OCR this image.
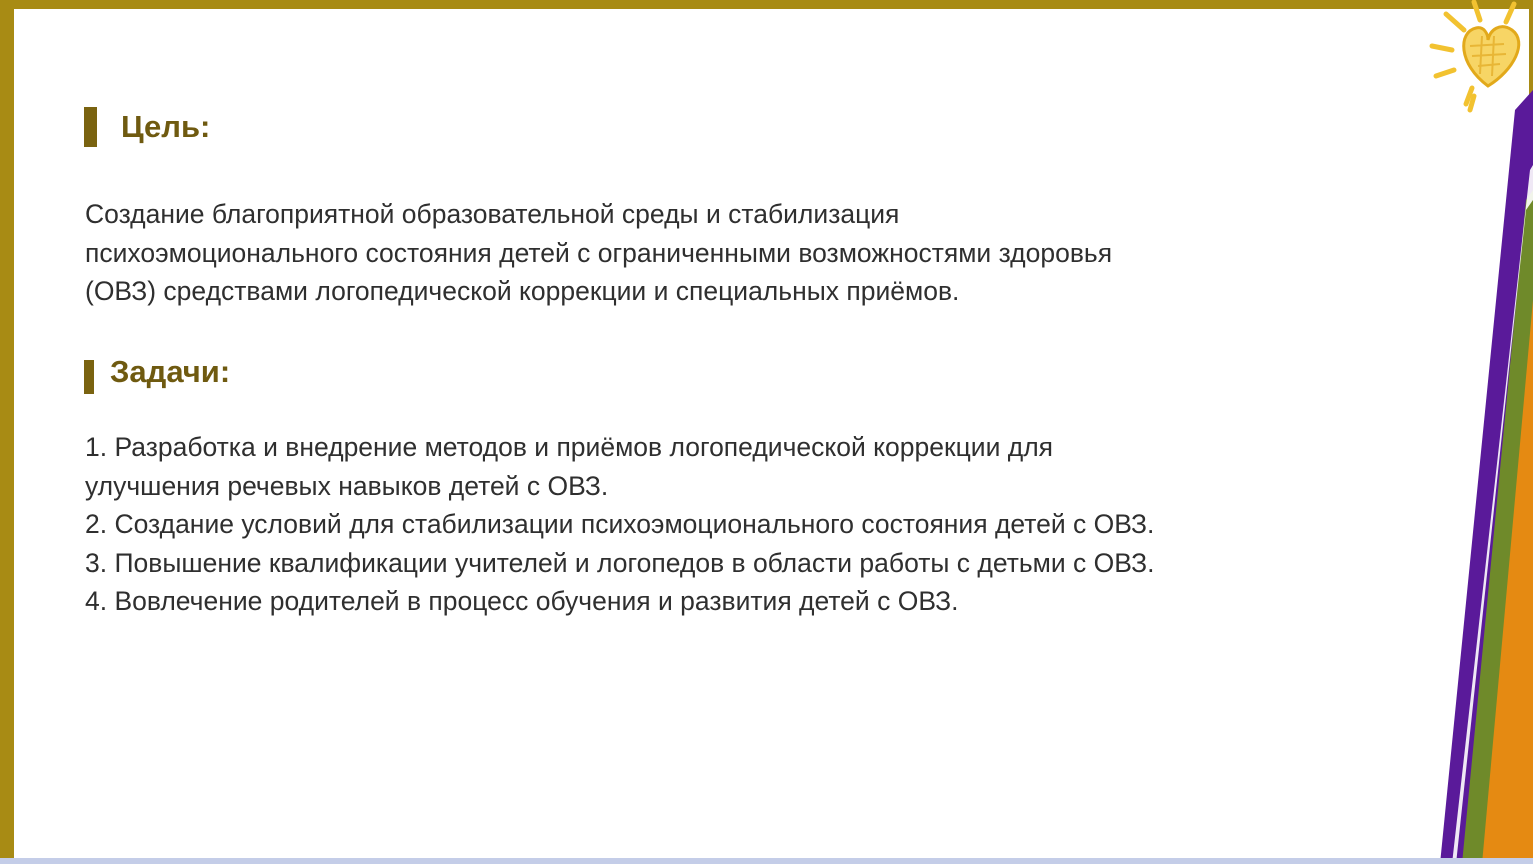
Цель:
Создание благоприятной образовательной среды и стабилизация
психоэмоционального состояния детей с ограниченными возможностями здоровья
(ОВЗ) средствами логопедической коррекции и специальных приёмов.
Задачи:
1. Разработка и внедрение методов и приёмов логопедической коррекции для
улучшения речевых навыков детей с ОВЗ.
2. Создание условий для стабилизации психоэмоционального состояния детей с ОВЗ.
3. Повышение квалификации учителей и логопедов в области работы с детьми с ОВЗ.
4. Вовлечение родителей в процесс обучения и развития детей с ОВЗ.
